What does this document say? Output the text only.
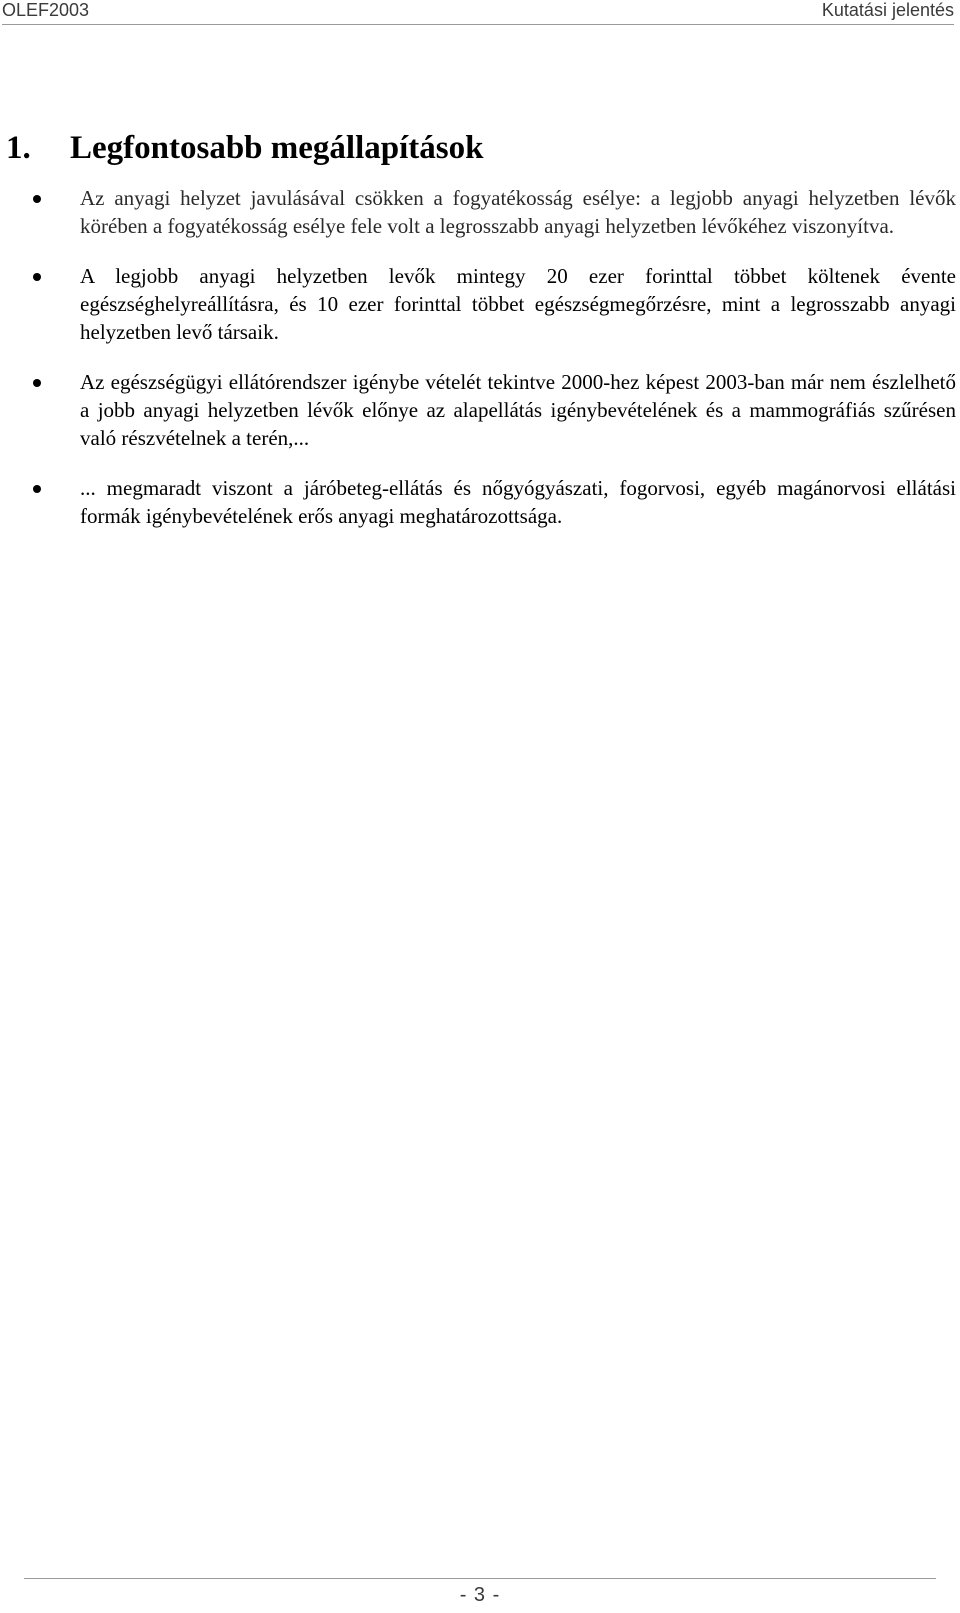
OLEF2003	Kutatási jelentés
1. Legfontosabb megállapítások
Az anyagi helyzet javulásával csökken a fogyatékosság esélye: a legjobb anyagi helyzetben lévők körében a fogyatékosság esélye fele volt a legrosszabb anyagi helyzetben lévőkéhez viszonyítva.
A legjobb anyagi helyzetben levők mintegy 20 ezer forinttal többet költenek évente egészséghelyreállításra, és 10 ezer forinttal többet egészségmegőrzésre, mint a legrosszabb anyagi helyzetben levő társaik.
Az egészségügyi ellátórendszer igénybe vételét tekintve 2000-hez képest 2003-ban már nem észlelhető a jobb anyagi helyzetben lévők előnye az alapellátás igénybevételének és a mammográfiás szűrésen való részvételnek a terén,...
... megmaradt viszont a járóbeteg-ellátás és nőgyógyászati, fogorvosi, egyéb magánorvosi ellátási formák igénybevételének erős anyagi meghatározottsága.
- 3 -
